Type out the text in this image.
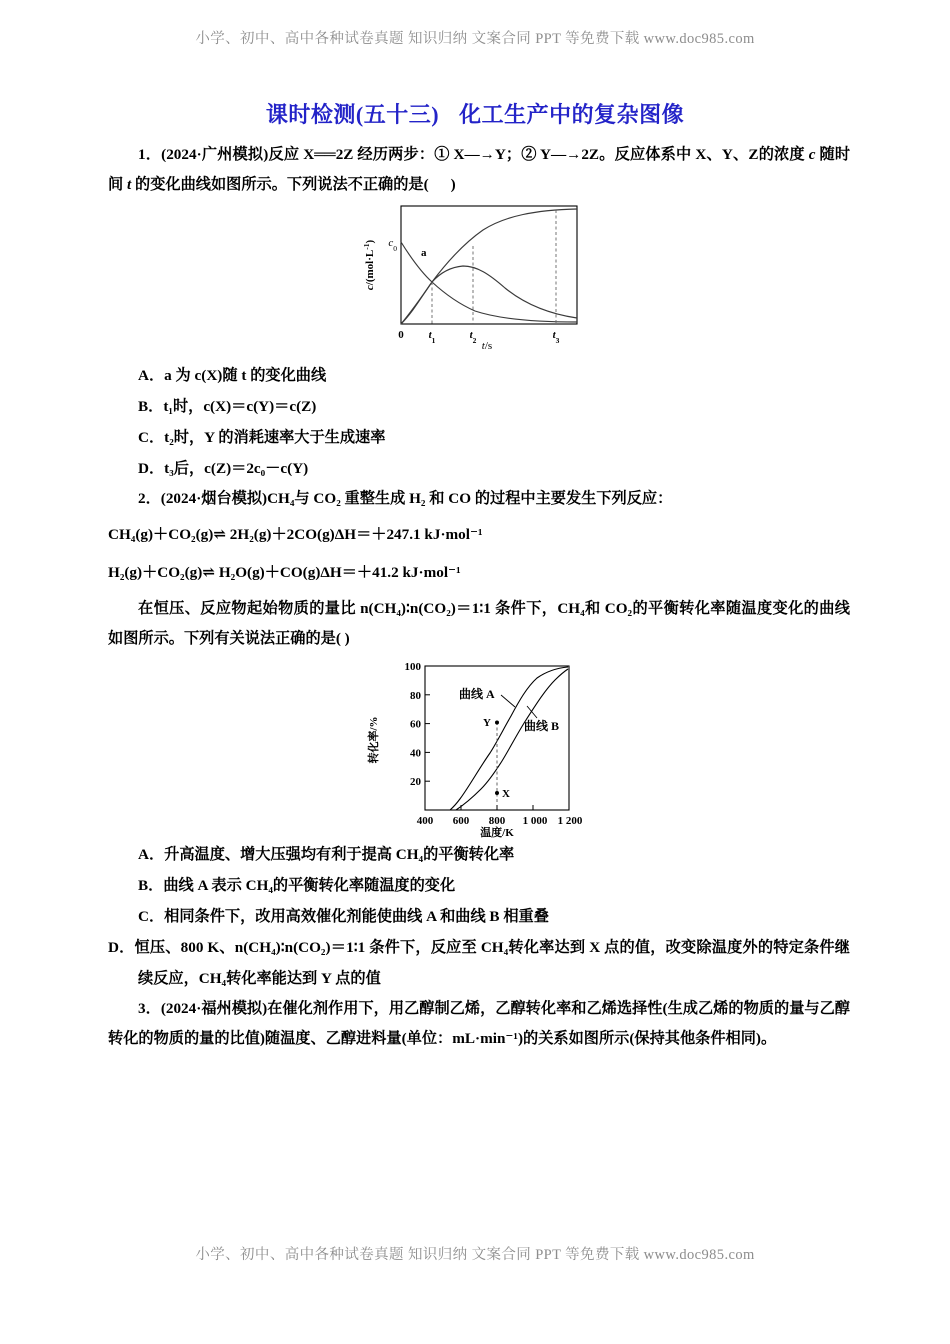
小学、初中、高中各种试卷真题 知识归纳 文案合同 PPT 等免费下载 www.doc985.com
课时检测(五十三) 化工生产中的复杂图像

1．(2024·广州模拟)反应 X══2Z 经历两步：① X—→Y；② Y—→2Z。反应体系中 X、Y、Z的浓度 c 随时间 t 的变化曲线如图所示。下列说法不正确的是( )

$c/(mol\cdot L^{-1})$ $c_0$ a
0 $t_1$	$t_2$	$t_3$
t/s

A．a 为 c(X)随 t 的变化曲线

B．t₁时，c(X)＝c(Y)＝c(Z)

C．t₂时，Y 的消耗速率大于生成速率

D．t₃后，c(Z)＝2c₀－c(Y)

2．(2024·烟台模拟)CH₄与 CO₂ 重整生成 H₂ 和 CO 的过程中主要发生下列反应：

CH₄(g)＋CO₂(g)⇌ 2H₂(g)＋2CO(g)ΔH＝＋247.1 kJ·mol⁻¹

H₂(g)＋CO₂(g)⇌ H₂O(g)＋CO(g)ΔH＝＋41.2 kJ·mol⁻¹

在恒压、反应物起始物质的量比 n(CH₄)∶n(CO₂)＝1∶1 条件下，CH₄和 CO₂的平衡转化率随温度变化的曲线如图所示。下列有关说法正确的是( )

转化率/%
100
80
60
40
20
400 600 800 1 000 1 200
温度/K
Y
X
曲线 A
曲线 B

A．升高温度、增大压强均有利于提高 CH₄的平衡转化率

B．曲线 A 表示 CH₄的平衡转化率随温度的变化

C．相同条件下，改用高效催化剂能使曲线 A 和曲线 B 相重叠

D．恒压、800 K、n(CH₄)∶n(CO₂)＝1∶1 条件下，反应至 CH₄转化率达到 X 点的值，改变除温度外的特定条件继续反应，CH₄转化率能达到 Y 点的值

3．(2024·福州模拟)在催化剂作用下，用乙醇制乙烯，乙醇转化率和乙烯选择性(生成乙烯的物质的量与乙醇转化的物质的量的比值)随温度、乙醇进料量(单位：mL·min⁻¹)的关系如图所示(保持其他条件相同)。

小学、初中、高中各种试卷真题 知识归纳 文案合同 PPT 等免费下载 www.doc985.com
